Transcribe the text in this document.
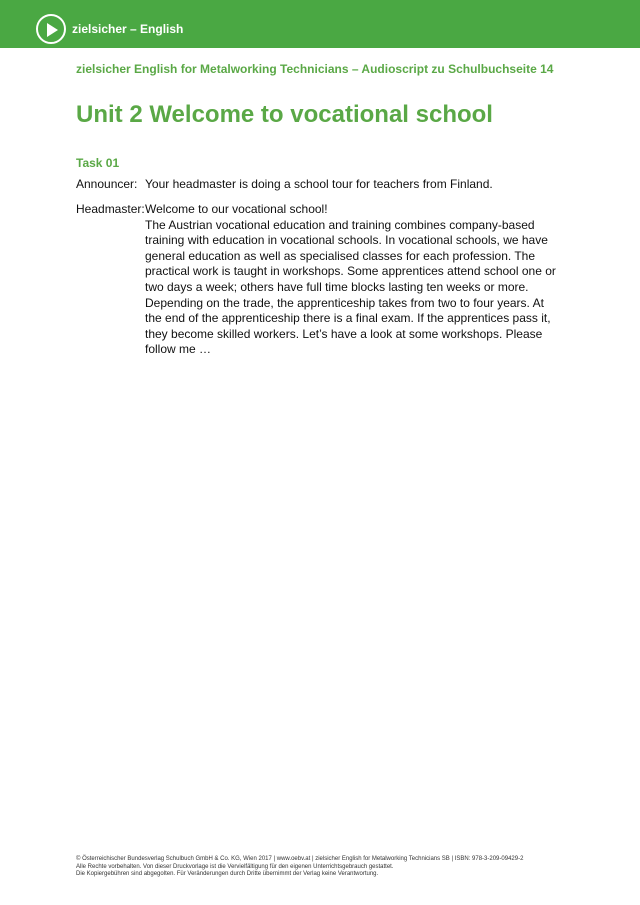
zielsicher – English
zielsicher English for Metalworking Technicians – Audioscript zu Schulbuchseite 14
Unit 2 Welcome to vocational school
Task 01
Announcer: Your headmaster is doing a school tour for teachers from Finland.
Headmaster: Welcome to our vocational school!
The Austrian vocational education and training combines company-based training with education in vocational schools. In vocational schools, we have general education as well as specialised classes for each profession. The practical work is taught in workshops. Some apprentices attend school one or two days a week; others have full time blocks lasting ten weeks or more. Depending on the trade, the apprenticeship takes from two to four years. At the end of the apprenticeship there is a final exam. If the apprentices pass it, they become skilled workers. Let’s have a look at some workshops. Please follow me …
© Österreichischer Bundesverlag Schulbuch GmbH & Co. KG, Wien 2017 | www.oebv.at | zielsicher English for Metalworking Technicians SB | ISBN: 978-3-209-09429-2
Alle Rechte vorbehalten. Von dieser Druckvorlage ist die Vervielfältigung für den eigenen Unterrichtsgebrauch gestattet.
Die Kopiergebühren sind abgegolten. Für Veränderungen durch Dritte übernimmt der Verlag keine Verantwortung.
